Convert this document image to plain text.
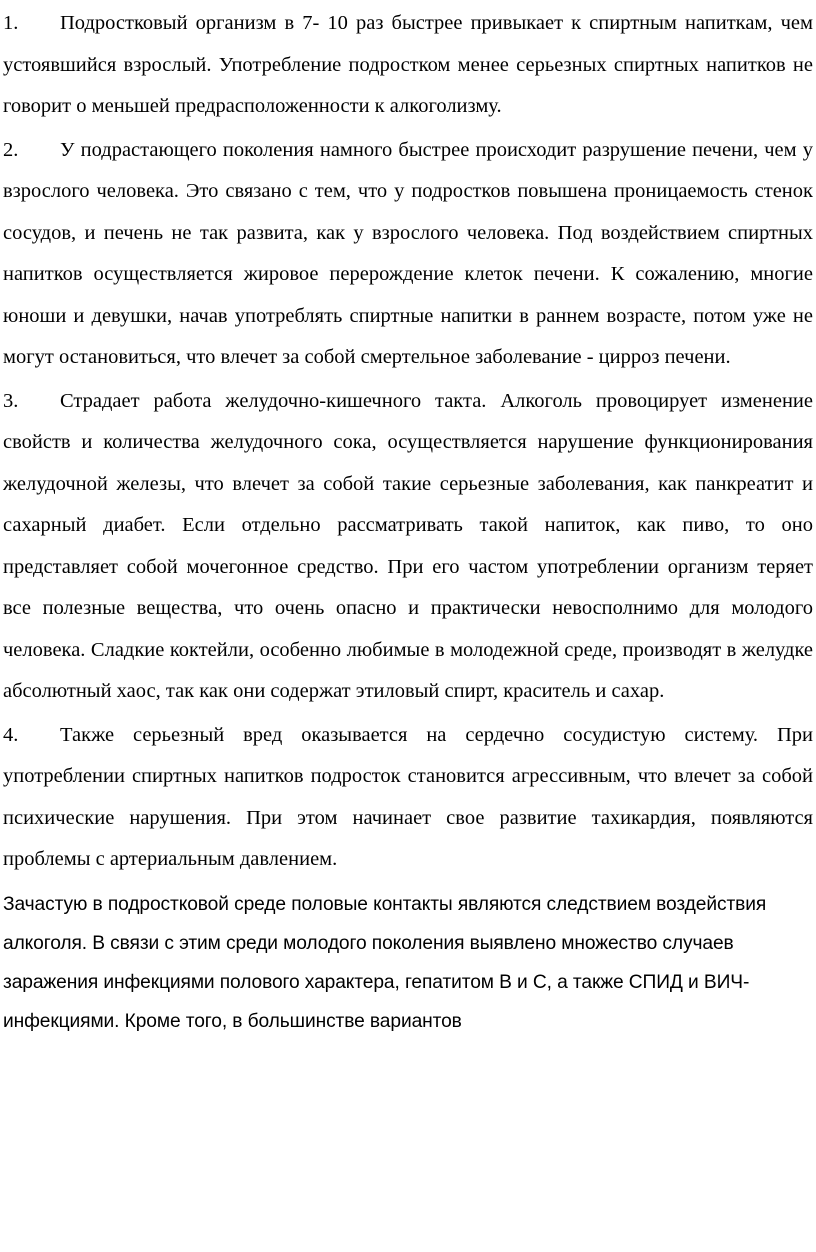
1. Подростковый организм в 7- 10 раз быстрее привыкает к спиртным напиткам, чем устоявшийся взрослый. Употребление подростком менее серьезных спиртных напитков не говорит о меньшей предрасположенности к алкоголизму.

2. У подрастающего поколения намного быстрее происходит разрушение печени, чем у взрослого человека. Это связано с тем, что у подростков повышена проницаемость стенок сосудов, и печень не так развита, как у взрослого человека. Под воздействием спиртных напитков осуществляется жировое перерождение клеток печени. К сожалению, многие юноши и девушки, начав употреблять спиртные напитки в раннем возрасте, потом уже не могут остановиться, что влечет за собой смертельное заболевание - цирроз печени.

3. Страдает работа желудочно-кишечного такта. Алкоголь провоцирует изменение свойств и количества желудочного сока, осуществляется нарушение функционирования желудочной железы, что влечет за собой такие серьезные заболевания, как панкреатит и сахарный диабет. Если отдельно рассматривать такой напиток, как пиво, то оно представляет собой мочегонное средство. При его частом употреблении организм теряет все полезные вещества, что очень опасно и практически невосполнимо для молодого человека. Сладкие коктейли, особенно любимые в молодежной среде, производят в желудке абсолютный хаос, так как они содержат этиловый спирт, краситель и сахар.

4. Также серьезный вред оказывается на сердечно сосудистую систему. При употреблении спиртных напитков подросток становится агрессивным, что влечет за собой психические нарушения. При этом начинает свое развитие тахикардия, появляются проблемы с артериальным давлением.

Зачастую в подростковой среде половые контакты являются следствием воздействия алкоголя. В связи с этим среди молодого поколения выявлено множество случаев заражения инфекциями полового характера, гепатитом В и С, а также СПИД и ВИЧ-инфекциями. Кроме того, в большинстве вариантов
